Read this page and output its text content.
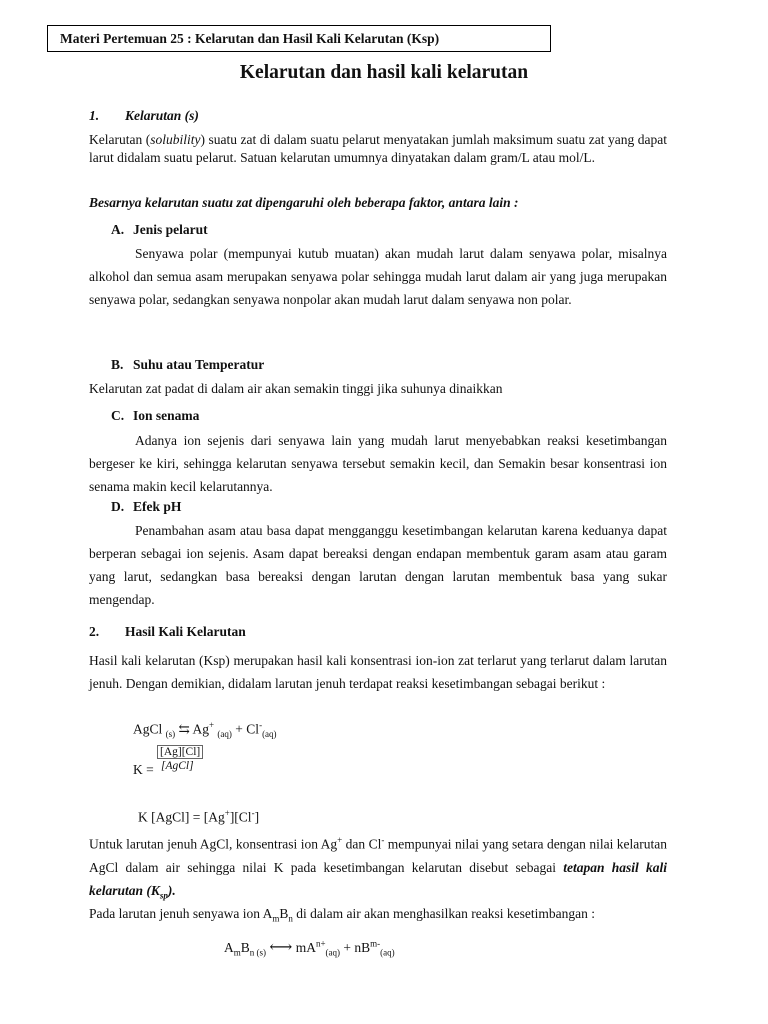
Materi Pertemuan 25 : Kelarutan dan Hasil Kali Kelarutan (Ksp)
Kelarutan dan hasil kali kelarutan
1. Kelarutan (s)
Kelarutan (solubility) suatu zat di dalam suatu pelarut menyatakan jumlah maksimum suatu zat yang dapat larut didalam suatu pelarut. Satuan kelarutan umumnya dinyatakan dalam gram/L atau mol/L.
Besarnya kelarutan suatu zat dipengaruhi oleh beberapa faktor, antara lain :
A. Jenis pelarut
Senyawa polar (mempunyai kutub muatan) akan mudah larut dalam senyawa polar, misalnya alkohol dan semua asam merupakan senyawa polar sehingga mudah larut dalam air yang juga merupakan senyawa polar, sedangkan senyawa nonpolar akan mudah larut dalam senyawa non polar.
B. Suhu atau Temperatur
Kelarutan zat padat di dalam air akan semakin tinggi jika suhunya dinaikkan
C. Ion senama
Adanya ion sejenis dari senyawa lain yang mudah larut menyebabkan reaksi kesetimbangan bergeser ke kiri, sehingga kelarutan senyawa tersebut semakin kecil, dan Semakin besar konsentrasi ion senama makin kecil kelarutannya.
D. Efek pH
Penambahan asam atau basa dapat mengganggu kesetimbangan kelarutan karena keduanya dapat berperan sebagai ion sejenis. Asam dapat bereaksi dengan endapan membentuk garam asam atau garam yang larut, sedangkan basa bereaksi dengan larutan dengan larutan membentuk basa yang sukar mengendap.
2. Hasil Kali Kelarutan
Hasil kali kelarutan (Ksp) merupakan hasil kali konsentrasi ion-ion zat terlarut yang terlarut dalam larutan jenuh. Dengan demikian, didalam larutan jenuh terdapat reaksi kesetimbangan sebagai berikut :
AgCl $_{(s)}$ ⇆ Ag+ $_{(aq)} + Cl^-_{(aq)}$
[Ag][Cl]
K = [AgCl]
K [AgCl] = [Ag+][Cl-]
Untuk larutan jenuh AgCl, konsentrasi ion Ag+ dan Cl- mempunyai nilai yang setara dengan nilai kelarutan AgCl dalam air sehingga nilai K pada kesetimbangan kelarutan disebut sebagai tetapan hasil kali kelarutan $(K_{sp})$.
Pada larutan jenuh senyawa ion $A_mB_n$ di dalam air akan menghasilkan reaksi kesetimbangan :
$A_mB_{n (s)}$ ⟷ $mA^{n+}_{(aq)} + nB^{m-}_{(aq)}$
